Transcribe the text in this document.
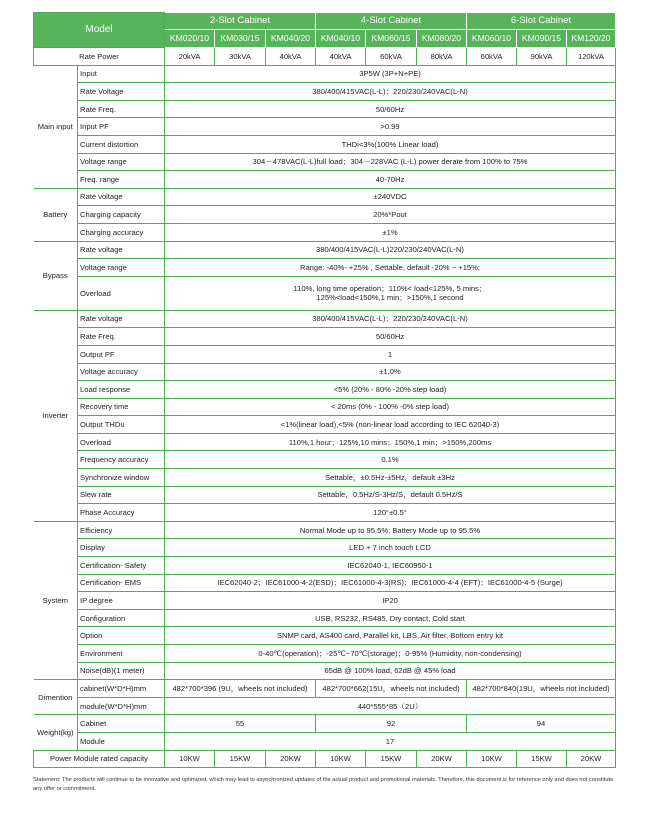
Model		2-Slot Cabinet			4-Slot Cabinet			6-Slot Cabinet		
		KM020/10	KM030/15	KM040/20	KM040/10	KM060/15	KM080/20	KM060/10	KM090/15	KM120/20
Rate Power		20kVA	30kVA	40kVA	40kVA	60kVA	80kVA	60kVA	90kVA	120kVA
Main input	Input	3P5W (3P+N+PE)								
	Rate Voltage	380/400/415VAC(L-L)；220/230/240VAC(L-N)								
	Rate Freq.	50/60Hz								
	Input PF	>0.99								
	Current distortion	THDi<3%(100% Linear load)								
	Voltage range	304－478VAC(L-L)full load；304－228VAC (L-L) power derate from 100% to 75%								
	Freq. range	40-70Hz								
Battery	Rate voltage	±240VDC								
	Charging capacity	20%*Pout								
	Charging accuracy	±1%								
Bypass	Rate voltage	380/400/415VAC(L-L)220/230/240VAC(L-N)								
	Voltage range	Range: -40%- +25% , Settable, default -20% ~ +15%;								
	Overload	110%, long time operation；110%< load<125%, 5 mins；
125%<load<150%,1 min；>150%,1 second								
Inverter	Rate voltage	380/400/415VAC(L-L)；220/230/240VAC(L-N)								
	Rate Freq.	50/60Hz								
	Output PF	1								
	Voltage accuracy	±1.0%								
	Load response	<5% (20% - 80% -20% step load)								
	Recovery time	< 20ms (0% - 100% -0% step load)								
	Output THDu	<1%(linear load),<5% (non-linear load according to IEC 62040-3)								
	Overload	110%,1 hour；125%,10 mins；150%,1 min；>150%,200ms								
	Frequency accuracy	0.1%								
	Synchronize window	Settable，±0.5Hz-±5Hz，default ±3Hz								
	Slew rate	Settable，0.5Hz/S-3Hz/S，default 0.5Hz/S								
	Phase Accuracy	120°±0.5°								
System	Efficiency	Normal Mode up to 95.5%; Battery Mode up to 95.5%								
	Display	LED + 7 inch touch LCD								
	Certification- Safety	IEC62040-1, IEC60950-1								
	Certification- EMS	IEC62040-2；IEC61000-4-2(ESD)；IEC61000-4-3(RS)；IEC61000-4-4 (EFT)；IEC61000-4-5 (Surge)								
	IP degree	IP20								
	Configuration	USB, RS232, RS485, Dry contact, Cold start								
	Option	SNMP card, AS400 card, Parallel kit, LBS, Air filter, Bottom entry kit								
	Environment	0-40℃(operation)；-25℃~70℃(storage)；0-95% (Humidity, non-condensing)								
	Noise(dB)(1 meter)	65dB @ 100% load, 62dB @ 45% load								
Dimention	cabinet(W*D*H)mm	482*700*396 (9U，wheels not included)			482*700*662(15U，wheels not included)			482*700*840(19U，wheels not included)		
	module(W*D*H)mm	440*555*85（2U）								
Weight(kg)	Cabinet	55			92			94		
	Module	17								
Power Module rated capacity		10KW	15KW	20KW	10KW	15KW	20KW	10KW	15KW	20KW
Statement: The products will continue to be innovative and optimized, which may lead to asynchronized updates of the actual product and promotional materials. Therefore, this document is for reference only and does not constitute any offer or commitment.
